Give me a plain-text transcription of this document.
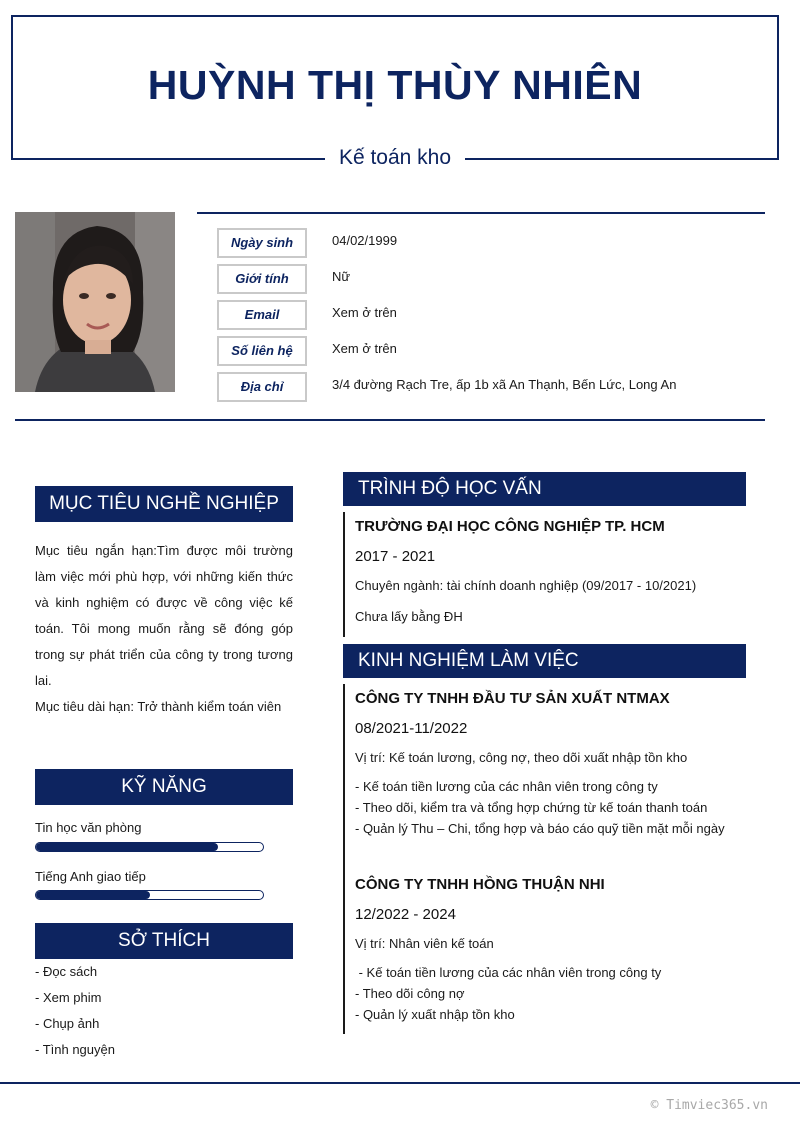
HUỲNH THỊ THÙY NHIÊN
Kế toán kho
Ngày sinh	04/02/1999
Giới tính	Nữ
Email	Xem ở trên
Số liên hệ	Xem ở trên
Địa chỉ	3/4 đường Rạch Tre, ấp 1b xã An Thạnh, Bến Lức, Long An
MỤC TIÊU NGHỀ NGHIỆP
Mục tiêu ngắn hạn:Tìm được môi trường làm việc mới phù hợp, với những kiến thức và kinh nghiệm có được về công việc kế toán. Tôi mong muốn rằng sẽ đóng góp trong sự phát triển của công ty trong tương lai.
Mục tiêu dài hạn: Trở thành kiểm toán viên
KỸ NĂNG
Tin học văn phòng
Tiếng Anh giao tiếp
SỞ THÍCH
- Đọc sách
- Xem phim
- Chụp ảnh
- Tình nguyện
TRÌNH ĐỘ HỌC VẤN
TRƯỜNG ĐẠI HỌC CÔNG NGHIỆP TP. HCM
2017 - 2021
Chuyên ngành: tài chính doanh nghiệp (09/2017 - 10/2021)
Chưa lấy bằng ĐH
KINH NGHIỆM LÀM VIỆC
CÔNG TY TNHH ĐẦU TƯ SẢN XUẤT NTMAX
08/2021-11/2022
Vị trí: Kế toán lương, công nợ, theo dõi xuất nhập tồn kho
- Kế toán tiền lương của các nhân viên trong công ty
- Theo dõi, kiểm tra và tổng hợp chứng từ kế toán thanh toán
- Quản lý Thu – Chi, tổng hợp và báo cáo quỹ tiền mặt mỗi ngày
CÔNG TY TNHH HỒNG THUẬN NHI
12/2022 - 2024
Vị trí: Nhân viên kế toán
- Kế toán tiền lương của các nhân viên trong công ty
- Theo dõi công nợ
- Quản lý xuất nhập tồn kho
© Timviec365.vn
